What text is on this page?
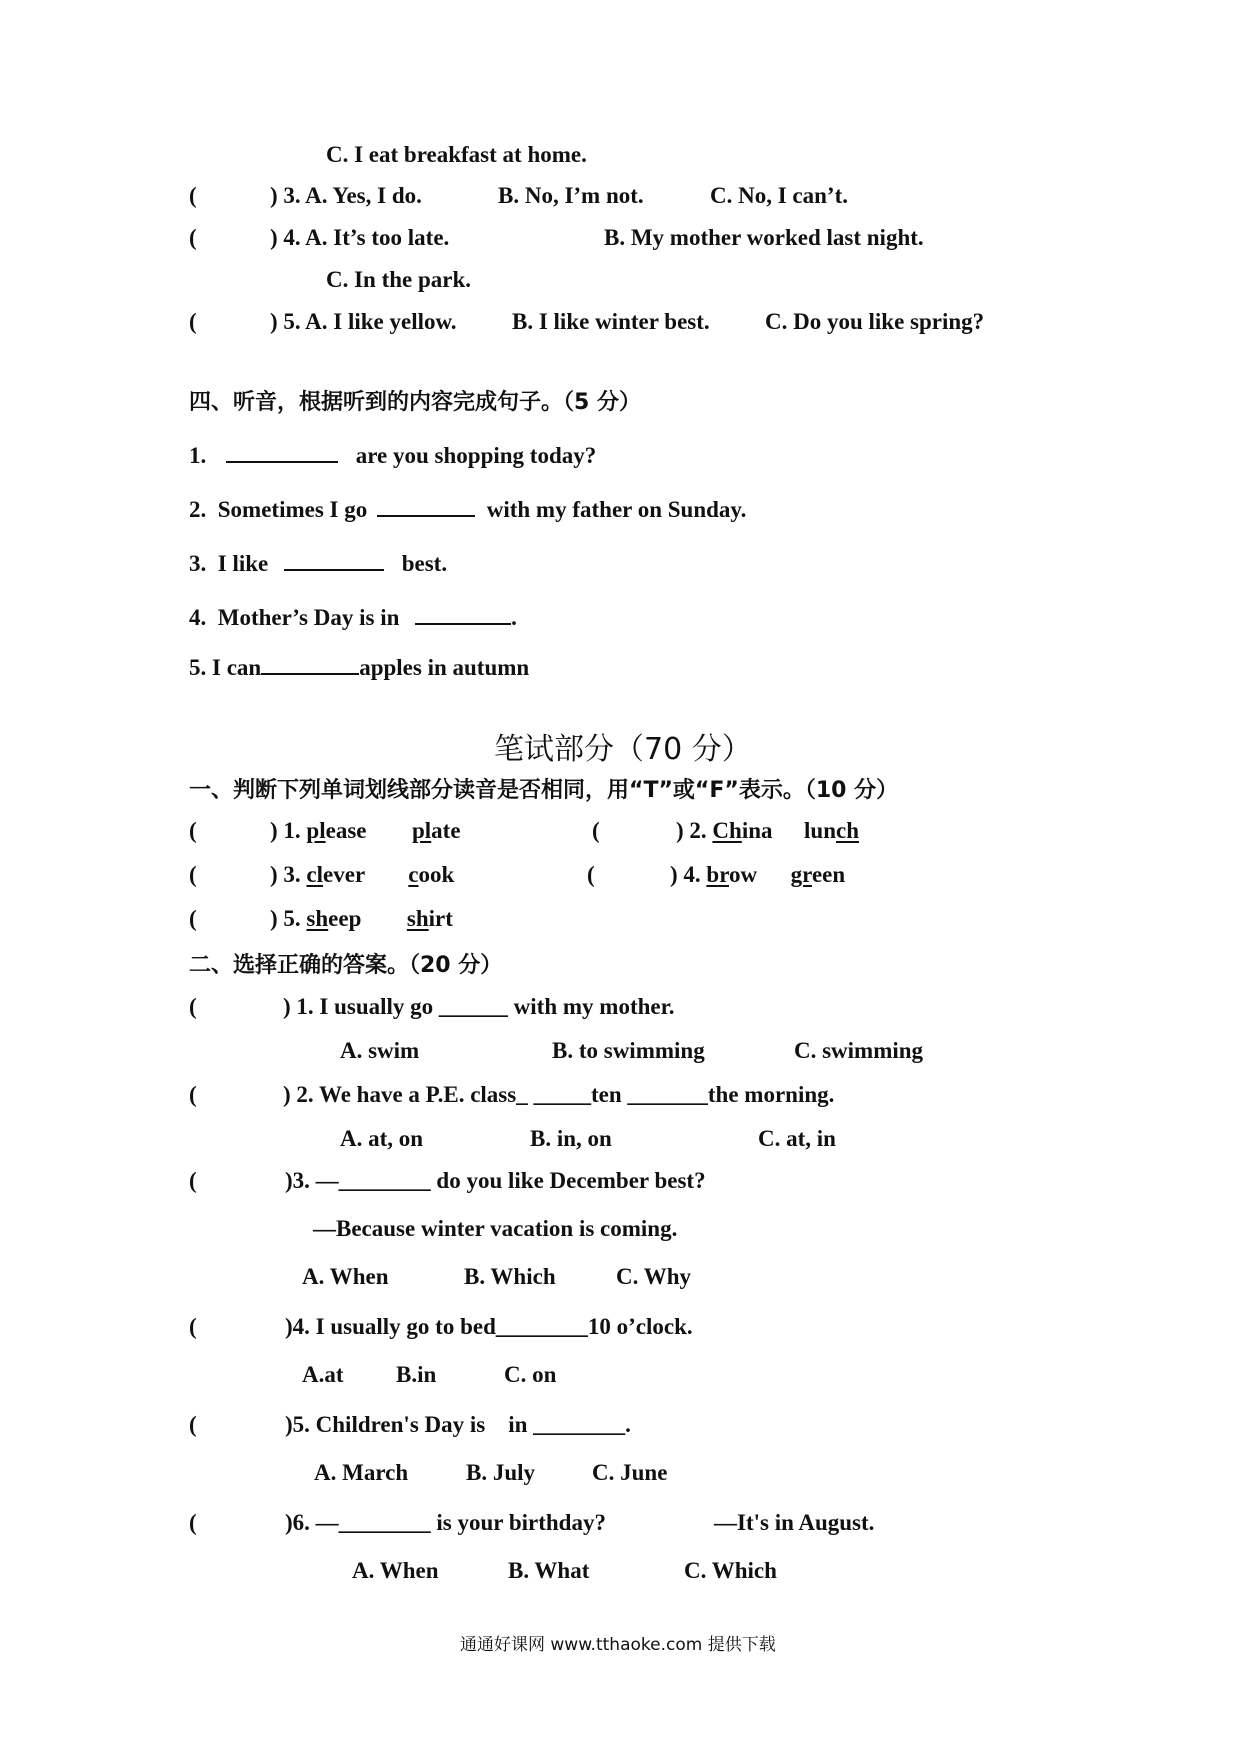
C. I eat breakfast at home.
(	) 3. A. Yes, I do.	B. No, I’m not.	C. No, I can’t.
(	) 4. A. It’s too late.	B. My mother worked last night.
C. In the park.
(	) 5. A. I like yellow. B. I like winter best. C. Do you like spring?
四、听音，根据听到的内容完成句子。（5 分）
1.	are you shopping today?
2. Sometimes I go	with my father on Sunday.
3. I like	best.
4. Mother’s Day is in	.
5. I can	apples in autumn
笔试部分（70 分）
一、判断下列单词划线部分读音是否相同，用“T”或“F”表示。（10 分）
(	) 1. please plate	(	) 2. China lunch
(	) 3. clever cook	(	) 4. brow green
(	) 5. sheep shirt
二、选择正确的答案。（20 分）
(	) 1. I usually go ______ with my mother.
A. swim	B. to swimming	C. swimming
(	) 2. We have a P.E. class_ _____ten _______the morning.
A. at, on	B. in, on	C. at, in
(	)3. —________ do you like December best?
—Because winter vacation is coming.
A. When	B. Which	C. Why
(	)4. I usually go to bed________10 o’clock.
A.at B.in	C. on
(	)5. Children's Day is    in ________.
A. March	B. July C. June
(	)6. —________ is your birthday?	—It's in August.
A. When	B. What	C. Which
通通好课网 www.tthaoke.com 提供下载
